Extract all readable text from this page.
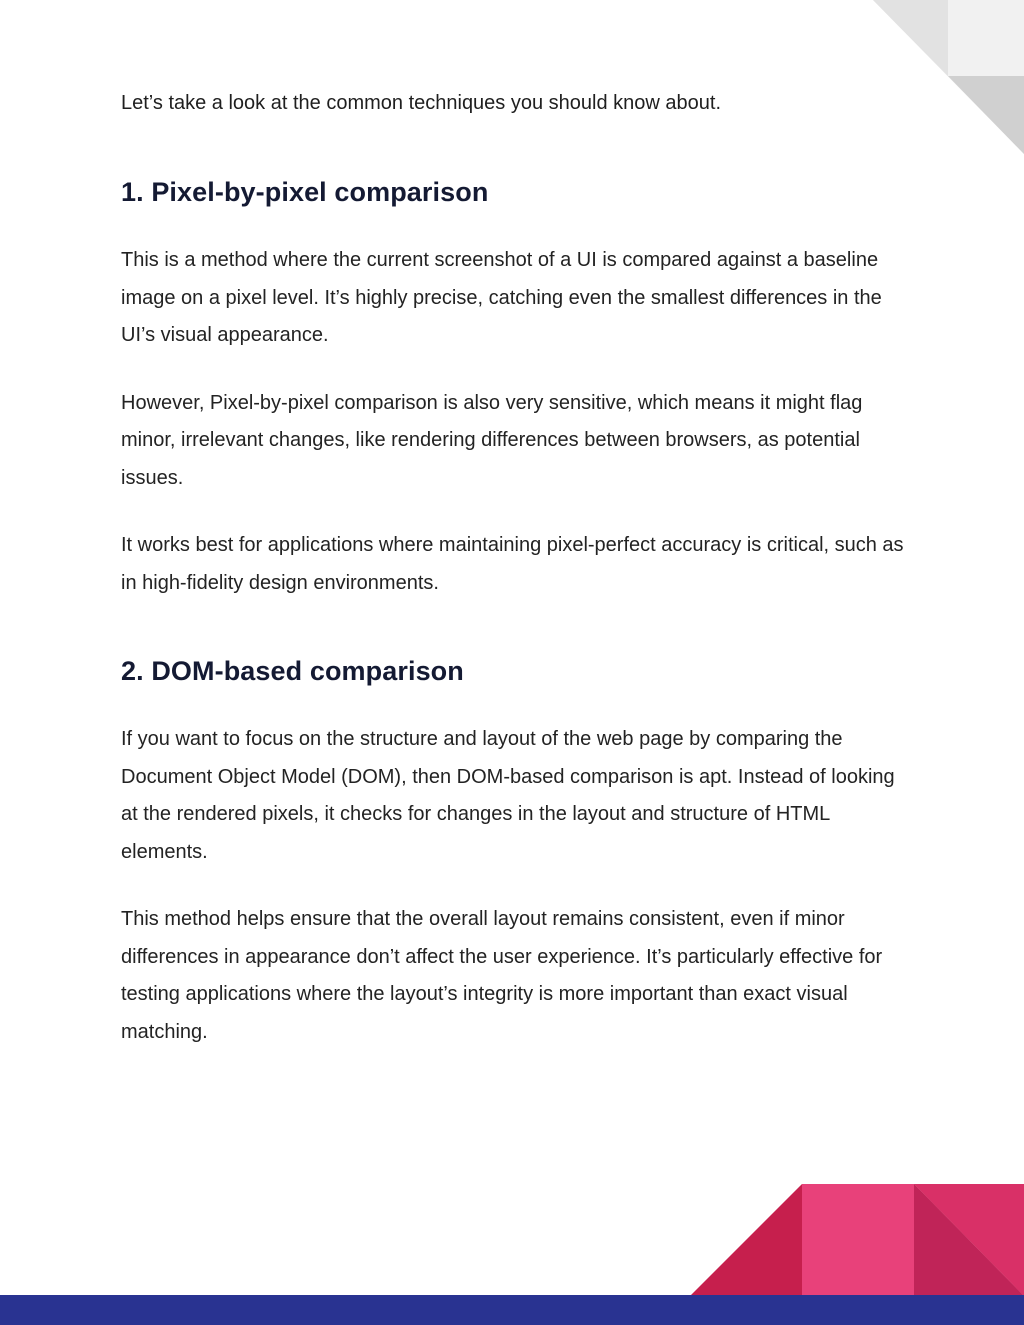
Let’s take a look at the common techniques you should know about.

1. Pixel-by-pixel comparison

This is a method where the current screenshot of a UI is compared against a baseline image on a pixel level. It’s highly precise, catching even the smallest differences in the UI’s visual appearance.

However, Pixel-by-pixel comparison is also very sensitive, which means it might flag minor, irrelevant changes, like rendering differences between browsers, as potential issues.

It works best for applications where maintaining pixel-perfect accuracy is critical, such as in high-fidelity design environments.

2. DOM-based comparison

If you want to focus on the structure and layout of the web page by comparing the Document Object Model (DOM), then DOM-based comparison is apt. Instead of looking at the rendered pixels, it checks for changes in the layout and structure of HTML elements.

This method helps ensure that the overall layout remains consistent, even if minor differences in appearance don’t affect the user experience. It’s particularly effective for testing applications where the layout’s integrity is more important than exact visual matching.
